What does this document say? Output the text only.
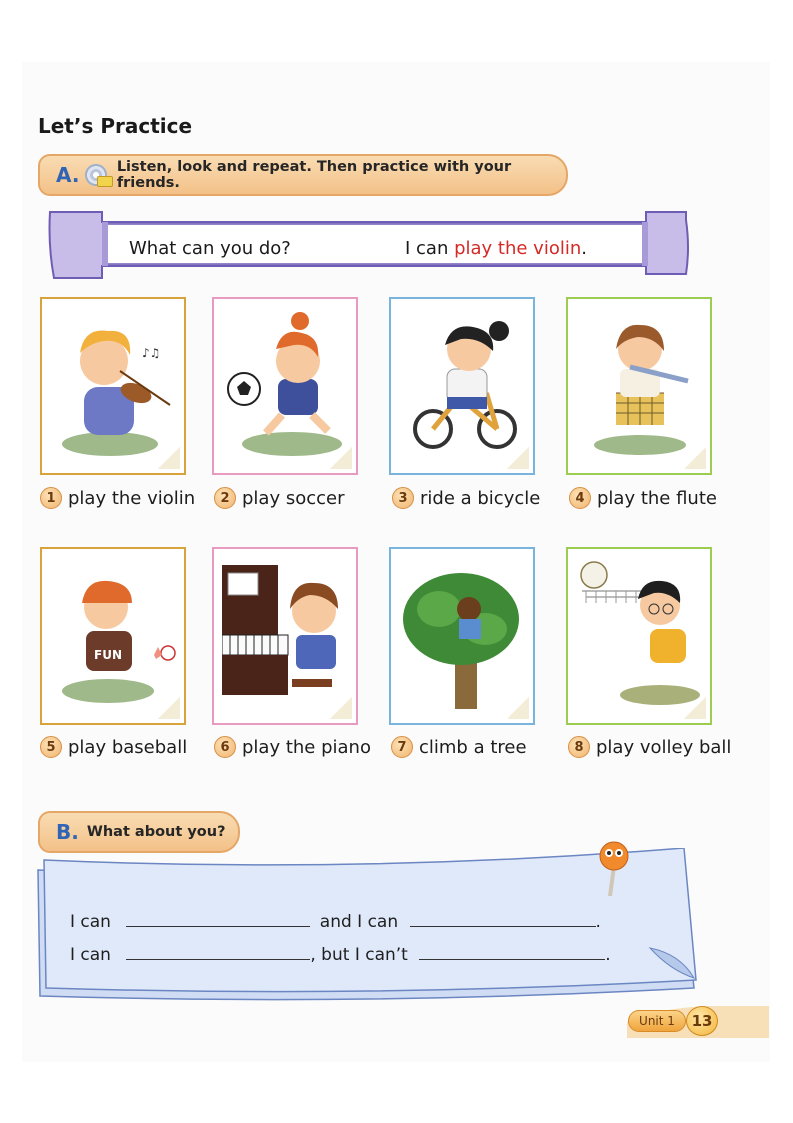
Let’s Practice
A.	Listen, look and repeat. Then practice with your friends.
What can you do?	I can play the violin.
♪♫
1 play the violin	2 play soccer	3 ride a bicycle	4 play the flute
FUN
5 play baseball	6 play the piano	7 climb a tree	8 play volley ball
B. What about you?
I can	and I can	.
I can	, but I can’t	.
Unit 1	13
